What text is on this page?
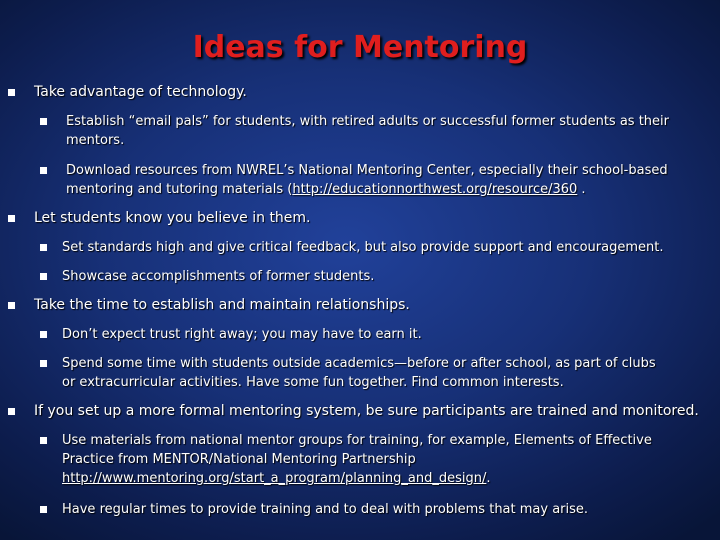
Ideas for Mentoring
Take advantage of technology.
Establish “email pals” for students, with retired adults or successful former students as their
mentors.
Download resources from NWREL’s National Mentoring Center, especially their school-based
mentoring and tutoring materials (http://educationnorthwest.org/resource/360 .
Let students know you believe in them.
Set standards high and give critical feedback, but also provide support and encouragement.
Showcase accomplishments of former students.
Take the time to establish and maintain relationships.
Don’t expect trust right away; you may have to earn it.
Spend some time with students outside academics—before or after school, as part of clubs
or extracurricular activities. Have some fun together. Find common interests.
If you set up a more formal mentoring system, be sure participants are trained and monitored.
Use materials from national mentor groups for training, for example, Elements of Effective
Practice from MENTOR/National Mentoring Partnership
http://www.mentoring.org/start_a_program/planning_and_design/.
Have regular times to provide training and to deal with problems that may arise.
